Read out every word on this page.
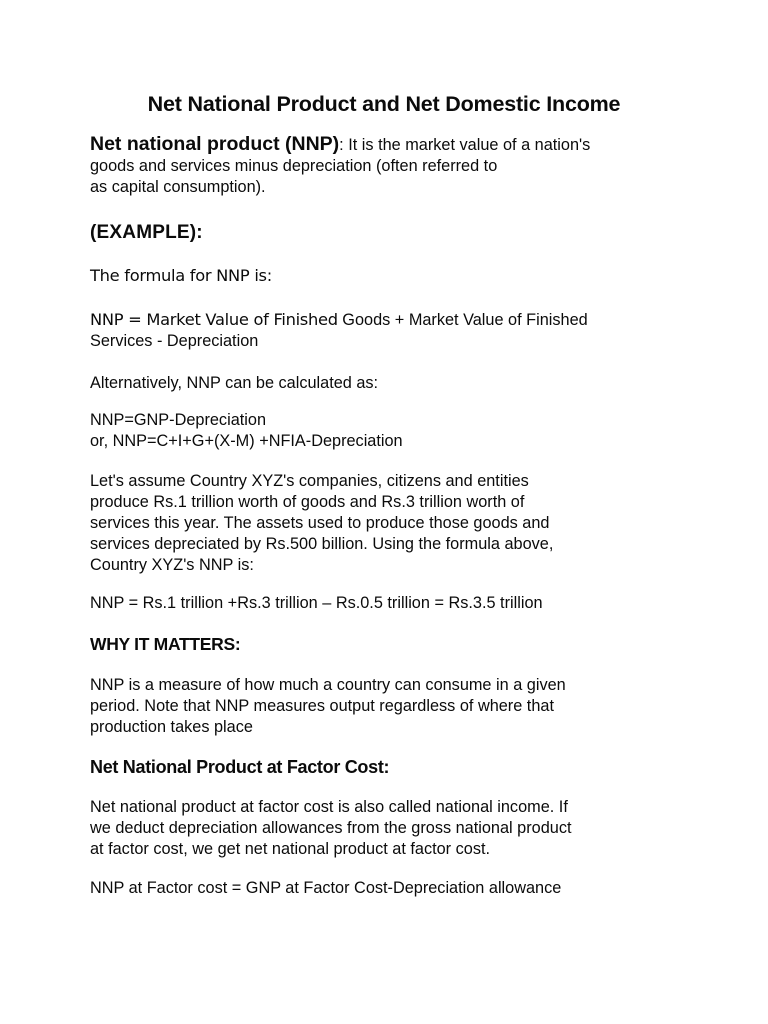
Net National Product and Net Domestic Income

Net national product (NNP): It is the market value of a nation's
goods and services minus depreciation (often referred to
as capital consumption).

(EXAMPLE):

The formula for NNP is:

NNP = Market Value of Finished Goods + Market Value of Finished
Services - Depreciation

Alternatively, NNP can be calculated as:

NNP=GNP-Depreciation
or, NNP=C+I+G+(X-M) +NFIA-Depreciation

Let's assume Country XYZ's companies, citizens and entities
produce Rs.1 trillion worth of goods and Rs.3 trillion worth of
services this year. The assets used to produce those goods and
services depreciated by Rs.500 billion. Using the formula above,
Country XYZ's NNP is:

NNP = Rs.1 trillion +Rs.3 trillion – Rs.0.5 trillion = Rs.3.5 trillion

WHY IT MATTERS:

NNP is a measure of how much a country can consume in a given
period. Note that NNP measures output regardless of where that
production takes place

Net National Product at Factor Cost:

Net national product at factor cost is also called national income. If
we deduct depreciation allowances from the gross national product
at factor cost, we get net national product at factor cost.

NNP at Factor cost = GNP at Factor Cost-Depreciation allowance
